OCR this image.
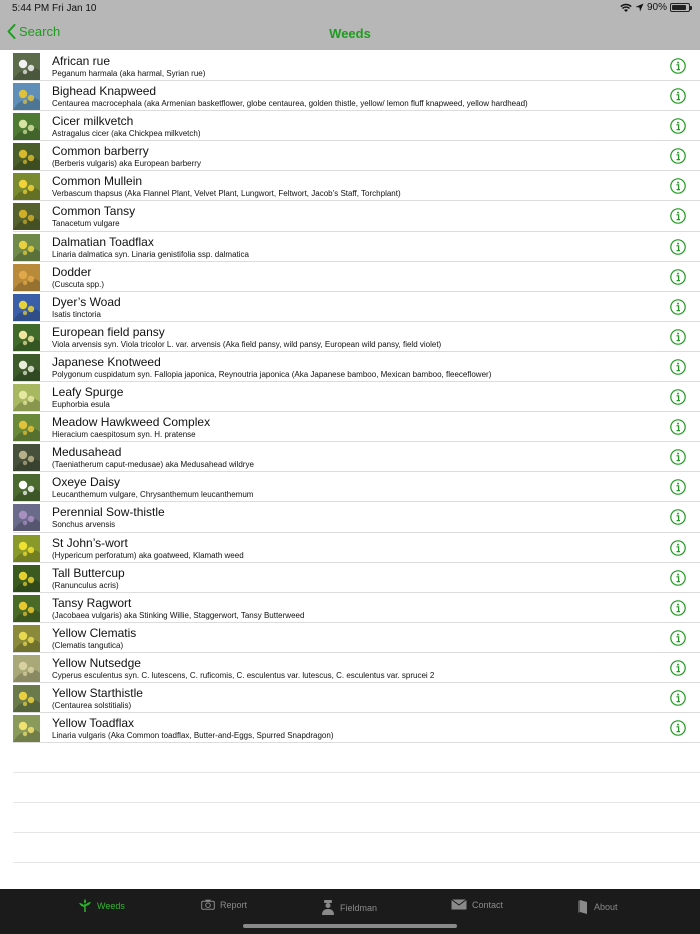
5:44 PM Fri Jan 10	90%
Search	Weeds
African rue
Peganum harmala (aka harmal, Syrian rue)
Bighead Knapweed
Centaurea macrocephala (aka Armenian basketflower, globe centaurea, golden thistle, yellow/ lemon fluff knapweed, yellow hardhead)
Cicer milkvetch
Astragalus cicer (aka Chickpea milkvetch)
Common barberry
(Berberis vulgaris) aka European barberry
Common Mullein
Verbascum thapsus (Aka Flannel Plant, Velvet Plant, Lungwort, Feltwort, Jacob’s Staff, Torchplant)
Common Tansy
Tanacetum vulgare
Dalmatian Toadflax
Linaria dalmatica syn. Linaria genistifolia ssp. dalmatica
Dodder
(Cuscuta spp.)
Dyer’s Woad
Isatis tinctoria
European field pansy
Viola arvensis syn. Viola tricolor L. var. arvensis (Aka field pansy, wild pansy, European wild pansy, field violet)
Japanese Knotweed
Polygonum cuspidatum syn. Fallopia japonica, Reynoutria japonica (Aka Japanese bamboo, Mexican bamboo, fleeceflower)
Leafy Spurge
Euphorbia esula
Meadow Hawkweed Complex
Hieracium caespitosum syn. H. pratense
Medusahead
(Taeniatherum caput-medusae) aka Medusahead wildrye
Oxeye Daisy
Leucanthemum vulgare, Chrysanthemum leucanthemum
Perennial Sow-thistle
Sonchus arvensis
St John’s-wort
(Hypericum perforatum) aka goatweed, Klamath weed
Tall Buttercup
(Ranunculus acris)
Tansy Ragwort
(Jacobaea vulgaris) aka Stinking Willie, Staggerwort, Tansy Butterweed
Yellow Clematis
(Clematis tangutica)
Yellow Nutsedge
Cyperus esculentus syn. C. lutescens, C. ruficomis, C. esculentus var. lutescus, C. esculentus var. sprucei 2
Yellow Starthistle
(Centaurea solstitialis)
Yellow Toadflax
Linaria vulgaris (Aka Common toadflax, Butter-and-Eggs, Spurred Snapdragon)
Weeds	Report	Fieldman	Contact	About
